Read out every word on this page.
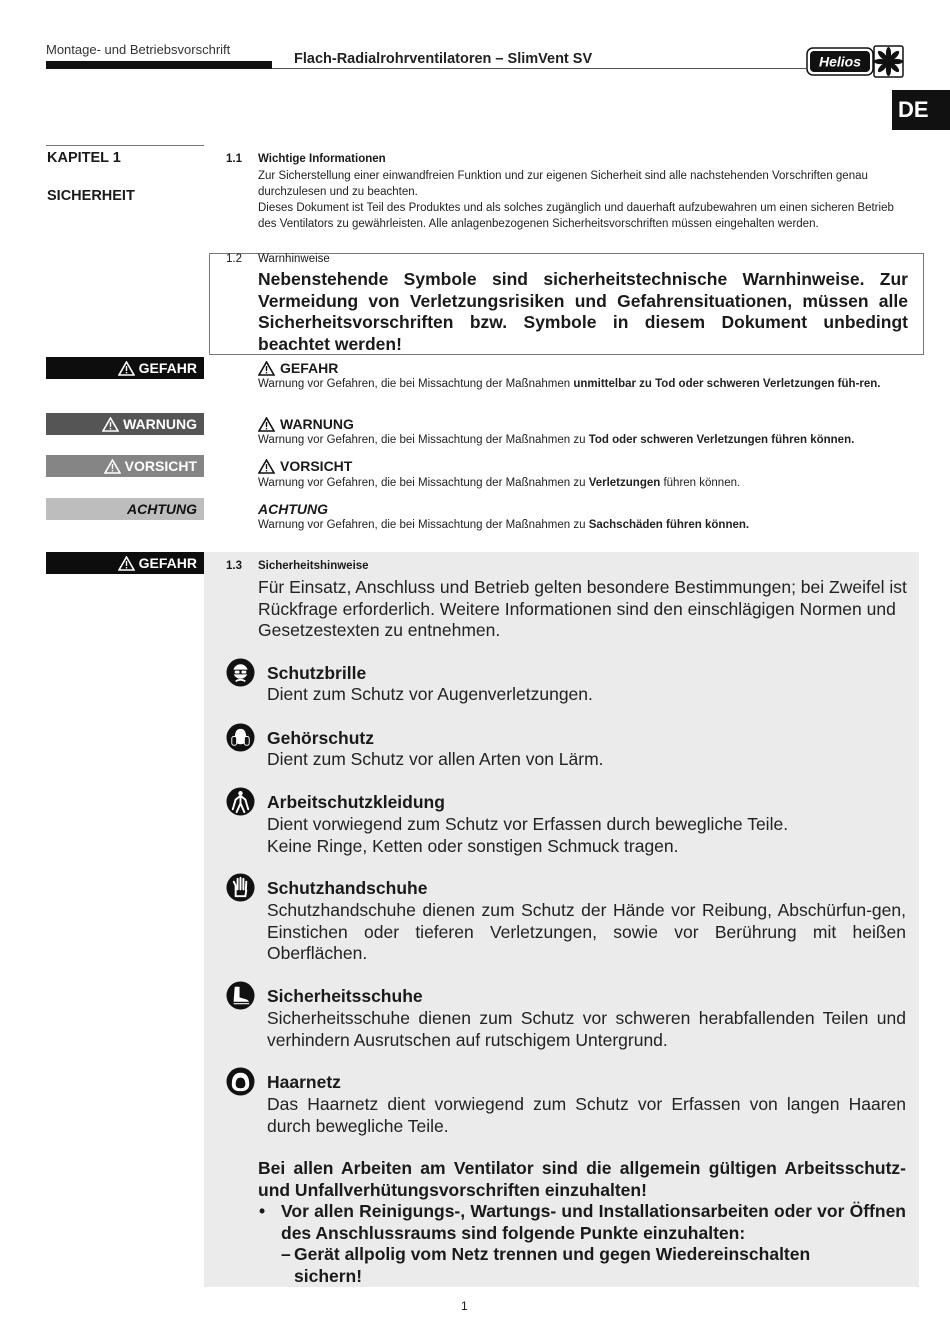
Montage- und Betriebsvorschrift
Flach-Radialrohrventilatoren – SlimVent SV	Helios
DE
KAPITEL 1
SICHERHEIT
1.1 Wichtige Informationen
Zur Sicherstellung einer einwandfreien Funktion und zur eigenen Sicherheit sind alle nachstehenden Vorschriften genau durchzulesen und zu beachten.
Dieses Dokument ist Teil des Produktes und als solches zugänglich und dauerhaft aufzubewahren um einen sicheren Betrieb des Ventilators zu gewährleisten. Alle anlagenbezogenen Sicherheitsvorschriften müssen eingehalten werden.
1.2 Warnhinweise
Nebenstehende Symbole sind sicherheitstechnische Warnhinweise. Zur Vermeidung von Verletzungsrisiken und Gefahrensituationen, müssen alle Sicherheitsvorschriften bzw. Symbole in diesem Dokument unbedingt beachtet werden!
GEFAHR
WARNUNG
VORSICHT
ACHTUNG
GEFAHR
Warnung vor Gefahren, die bei Missachtung der Maßnahmen unmittelbar zu Tod oder schweren Verletzungen füh-ren.
WARNUNG
Warnung vor Gefahren, die bei Missachtung der Maßnahmen zu Tod oder schweren Verletzungen führen können.
VORSICHT
Warnung vor Gefahren, die bei Missachtung der Maßnahmen zu Verletzungen führen können.
ACHTUNG
Warnung vor Gefahren, die bei Missachtung der Maßnahmen zu Sachschäden führen können.
GEFAHR	1.3 Sicherheitshinweise
Für Einsatz, Anschluss und Betrieb gelten besondere Bestimmungen; bei Zweifel ist Rückfrage erforderlich. Weitere Informationen sind den einschlägigen Normen und Gesetzestexten zu entnehmen.
Schutzbrille
Dient zum Schutz vor Augenverletzungen.
Gehörschutz
Dient zum Schutz vor allen Arten von Lärm.
Arbeitschutzkleidung
Dient vorwiegend zum Schutz vor Erfassen durch bewegliche Teile.
Keine Ringe, Ketten oder sonstigen Schmuck tragen.
Schutzhandschuhe
Schutzhandschuhe dienen zum Schutz der Hände vor Reibung, Abschürfun-gen, Einstichen oder tieferen Verletzungen, sowie vor Berührung mit heißen Oberflächen.
Sicherheitsschuhe
Sicherheitsschuhe dienen zum Schutz vor schweren herabfallenden Teilen und verhindern Ausrutschen auf rutschigem Untergrund.
Haarnetz
Das Haarnetz dient vorwiegend zum Schutz vor Erfassen von langen Haaren durch bewegliche Teile.
Bei allen Arbeiten am Ventilator sind die allgemein gültigen Arbeitsschutz- und Unfallverhütungsvorschriften einzuhalten!
• Vor allen Reinigungs-, Wartungs- und Installationsarbeiten oder vor Öffnen des Anschlussraums sind folgende Punkte einzuhalten:
– Gerät allpolig vom Netz trennen und gegen Wiedereinschalten sichern!
1
